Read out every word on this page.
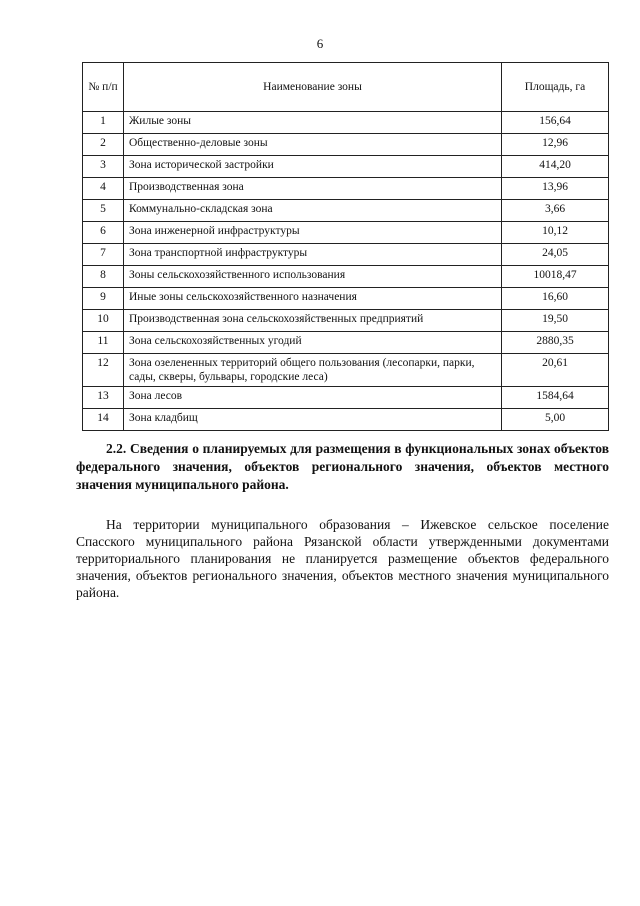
6
№ п/п	Наименование зоны	Площадь, га
1	Жилые зоны	156,64
2	Общественно-деловые зоны	12,96
3	Зона исторической застройки	414,20
4	Производственная зона	13,96
5	Коммунально-складская зона	3,66
6	Зона инженерной инфраструктуры	10,12
7	Зона транспортной инфраструктуры	24,05
8	Зоны сельскохозяйственного использования	10018,47
9	Иные зоны сельскохозяйственного назначения	16,60
10	Производственная зона сельскохозяйственных предприятий	19,50
11	Зона сельскохозяйственных угодий	2880,35
12	Зона озелененных территорий общего пользования (лесопарки, парки, сады, скверы, бульвары, городские леса)	20,61
13	Зона лесов	1584,64
14	Зона кладбищ	5,00

2.2. Сведения о планируемых для размещения в функциональных зонах объектов федерального значения, объектов регионального значения, объектов местного значения муниципального района.

На территории муниципального образования – Ижевское сельское поселение Спасского муниципального района Рязанской области утвержденными документами территориального планирования не планируется размещение объектов федерального значения, объектов регионального значения, объектов местного значения муниципального района.
